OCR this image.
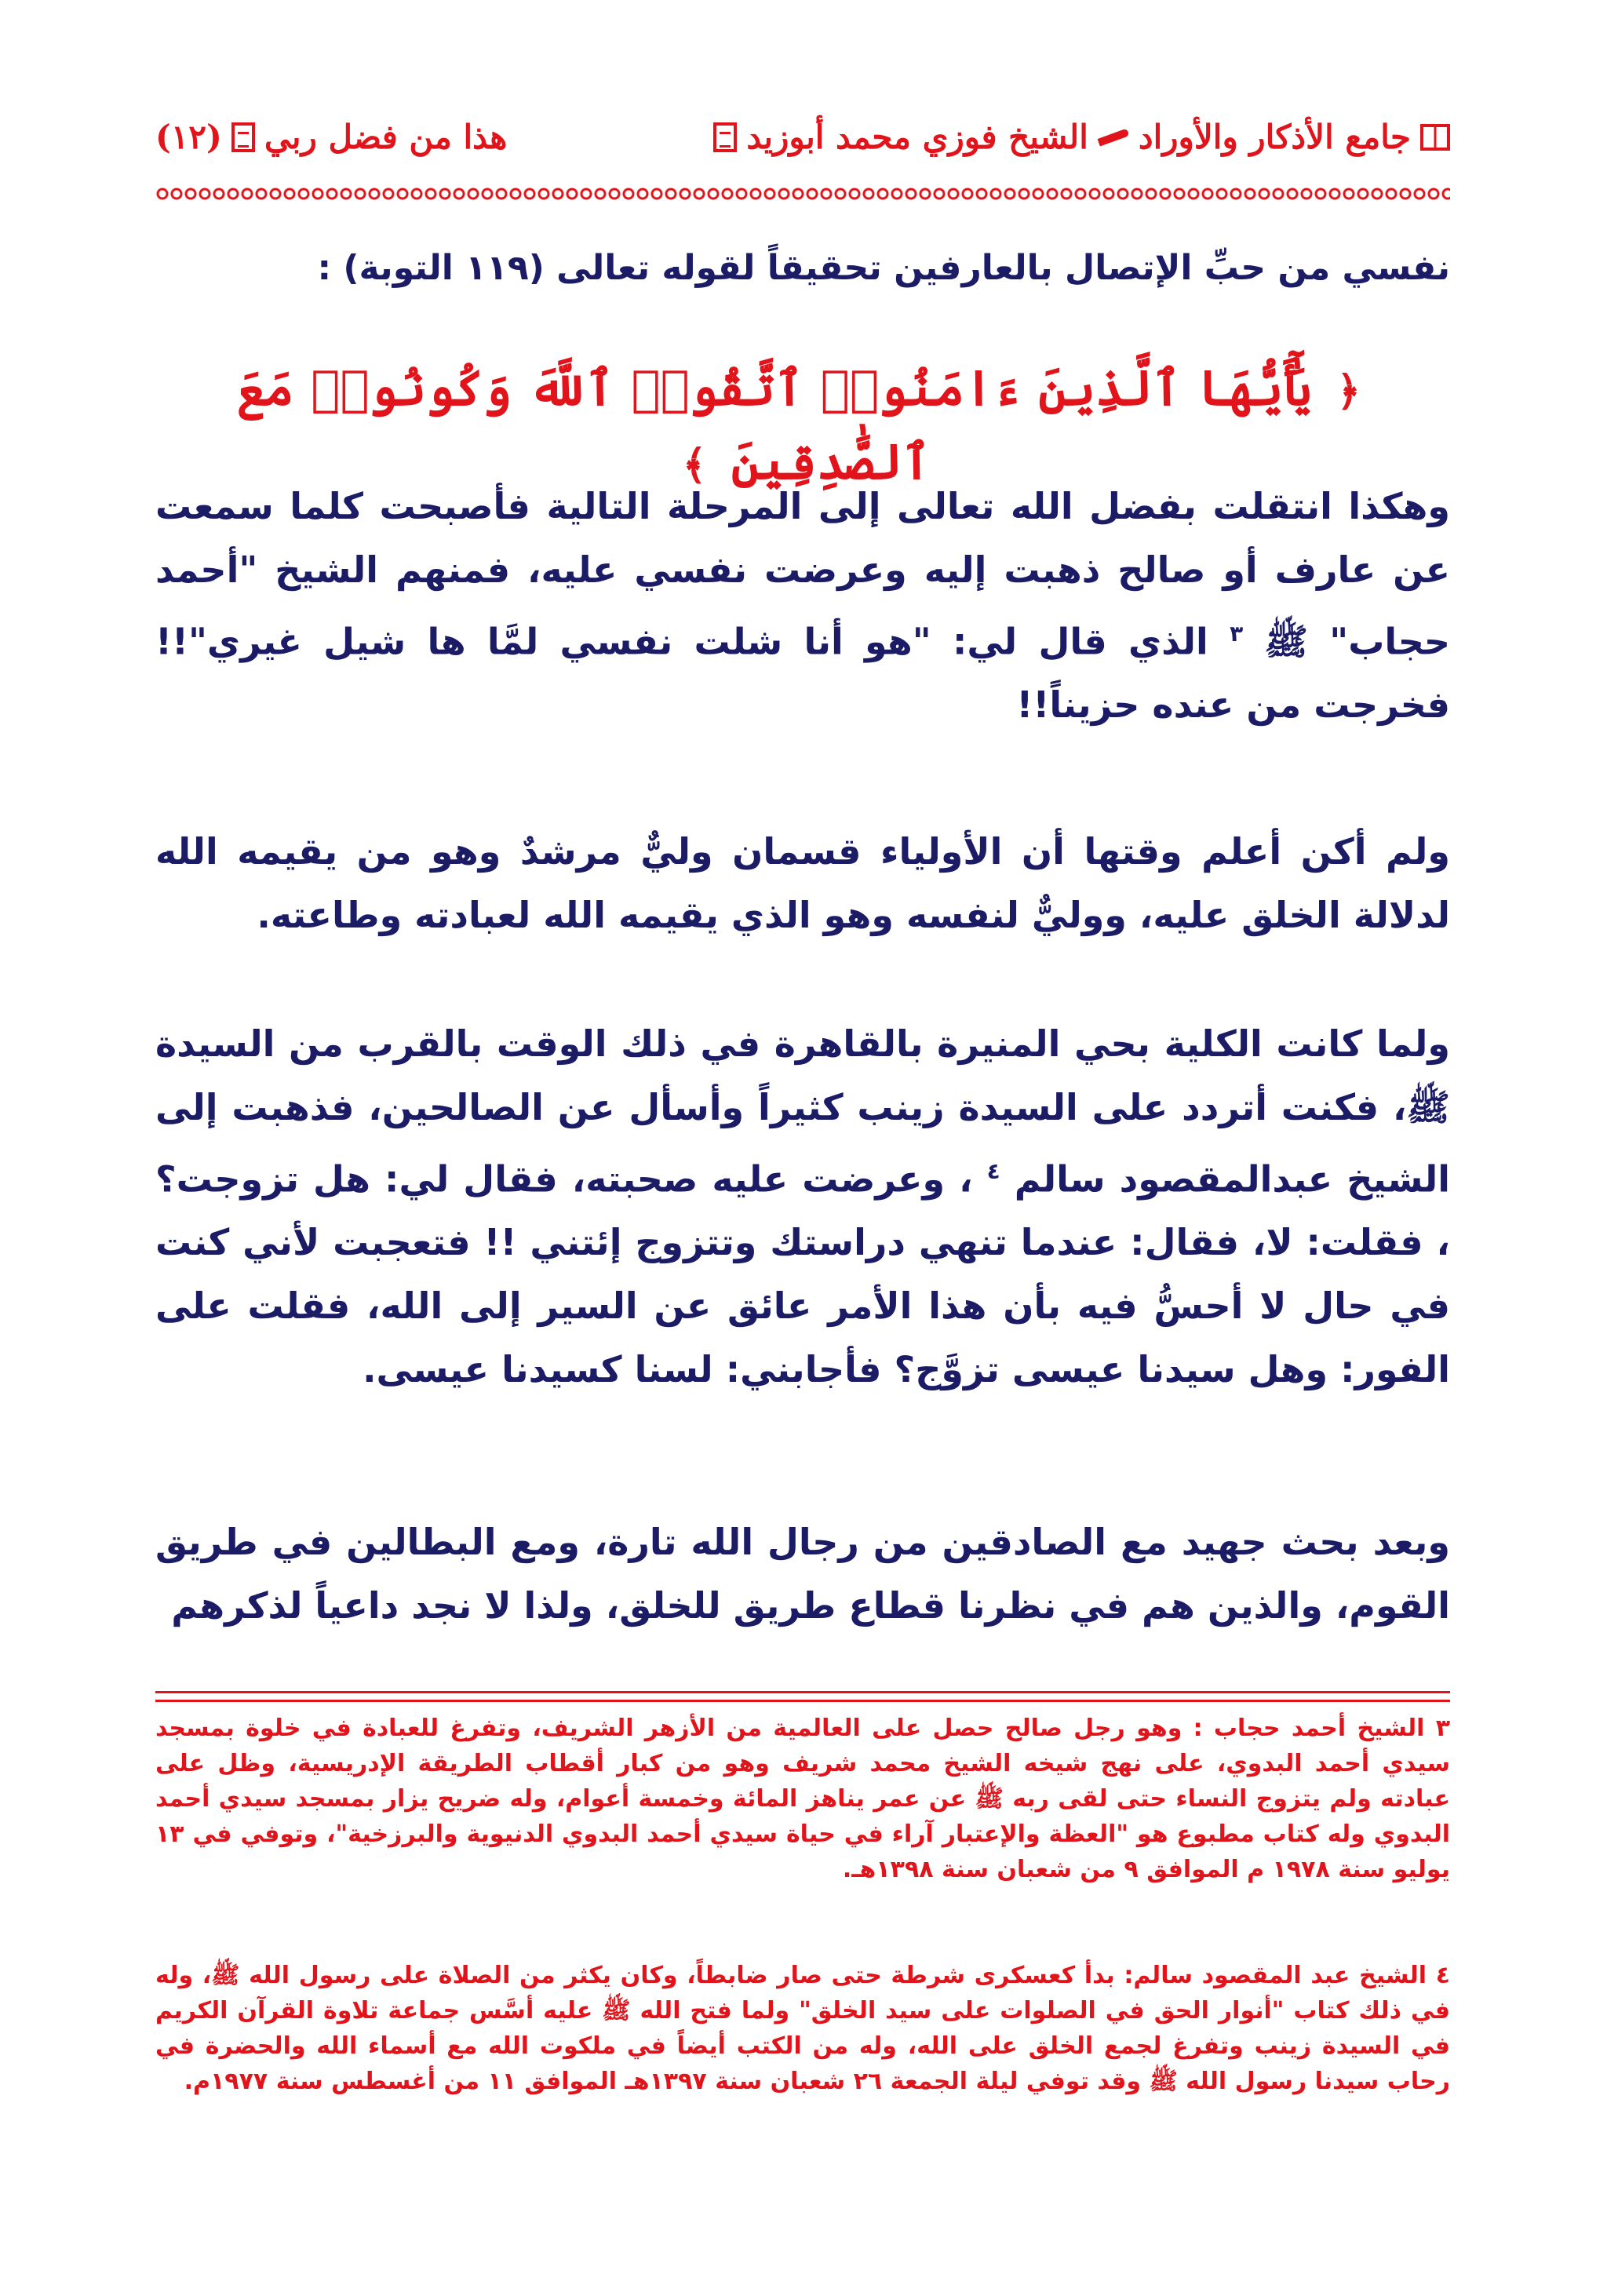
جامع الأذكار والأوراد
الشيخ فوزي محمد أبوزيد
هذا من فضل ربي
(١٢)
نفسي من حبِّ الإتصال بالعارفين تحقيقاً لقوله تعالى (١١٩ التوبة) :
﴿ يَٰٓأَيُّهَا ٱلَّذِينَ ءَامَنُوا۟ ٱتَّقُوا۟ ٱللَّهَ وَكُونُوا۟ مَعَ ٱلصَّٰدِقِينَ ﴾
وهكذا انتقلت بفضل الله تعالى إلى المرحلة التالية فأصبحت كلما سمعت عن عارف أو صالح ذهبت إليه وعرضت نفسي عليه، فمنهم الشيخ "أحمد حجاب" ﷺ $^٣$ الذي قال لي: "هو أنا شلت نفسي لمَّا ها شيل غيري"!! فخرجت من عنده حزيناً!!
ولم أكن أعلم وقتها أن الأولياء قسمان وليٌّ مرشدٌ وهو من يقيمه الله لدلالة الخلق عليه، ووليٌّ لنفسه وهو الذي يقيمه الله لعبادته وطاعته.
ولما كانت الكلية بحي المنيرة بالقاهرة في ذلك الوقت بالقرب من السيدة ﷺ، فكنت أتردد على السيدة زينب كثيراً وأسأل عن الصالحين، فذهبت إلى الشيخ عبدالمقصود سالم $^٤$ ، وعرضت عليه صحبته، فقال لي: هل تزوجت؟ ، فقلت: لا، فقال: عندما تنهي دراستك وتتزوج إئتني !! فتعجبت لأني كنت في حال لا أحسُّ فيه بأن هذا الأمر عائق عن السير إلى الله، فقلت على الفور: وهل سيدنا عيسى تزوَّج؟ فأجابني: لسنا كسيدنا عيسى.
وبعد بحث جهيد مع الصادقين من رجال الله تارة، ومع البطالين في طريق القوم، والذين هم في نظرنا قطاع طريق للخلق، ولذا لا نجد داعياً لذكرهم
٣ الشيخ أحمد حجاب : وهو رجل صالح حصل على العالمية من الأزهر الشريف، وتفرغ للعبادة في خلوة بمسجد سيدي أحمد البدوي، على نهج شيخه الشيخ محمد شريف وهو من كبار أقطاب الطريقة الإدريسية، وظل على عبادته ولم يتزوج النساء حتى لقى ربه ﷺ عن عمر يناهز المائة وخمسة أعوام، وله ضريح يزار بمسجد سيدي أحمد البدوي وله كتاب مطبوع هو "العظة والإعتبار آراء في حياة سيدي أحمد البدوي الدنيوية والبرزخية"، وتوفي في ١٣ يوليو سنة ١٩٧٨ م الموافق ٩ من شعبان سنة ١٣٩٨هـ.
٤ الشيخ عبد المقصود سالم: بدأ كعسكرى شرطة حتى صار ضابطاً، وكان يكثر من الصلاة على رسول الله ﷺ، وله في ذلك كتاب "أنوار الحق في الصلوات على سيد الخلق" ولما فتح الله ﷺ عليه أسَّس جماعة تلاوة القرآن الكريم في السيدة زينب وتفرغ لجمع الخلق على الله، وله من الكتب أيضاً في ملكوت الله مع أسماء الله والحضرة في رحاب سيدنا رسول الله ﷺ وقد توفي ليلة الجمعة ٢٦ شعبان سنة ١٣٩٧هـ الموافق ١١ من أغسطس سنة ١٩٧٧م.
